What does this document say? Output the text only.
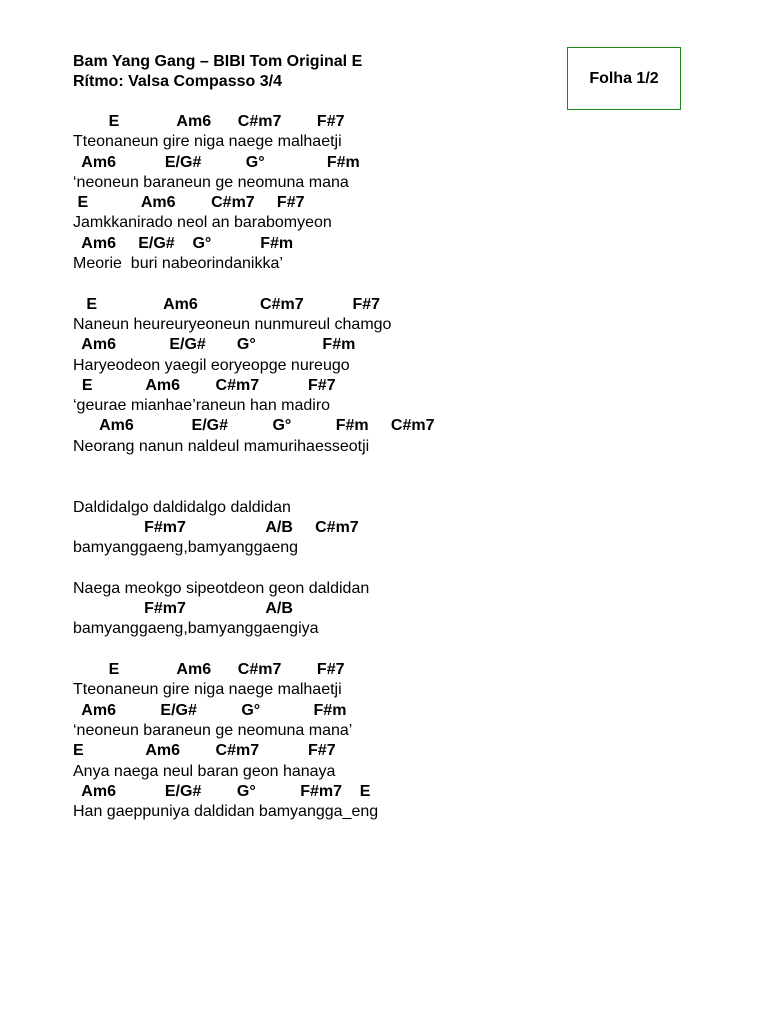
Bam Yang Gang – BIBI Tom Original E
Rítmo: Valsa Compasso 3/4	Folha 1/2
E             Am6      C#m7        F#7
Tteonaneun gire niga naege malhaetji
Am6           E/G#          G°              F#m
‘neoneun baraneun ge neomuna mana
E            Am6        C#m7     F#7
Jamkkanirado neol an barabomyeon
Am6     E/G#    G°           F#m
Meorie  buri nabeorindanikka’
E               Am6              C#m7           F#7
Naneun heureuryeoneun nunmureul chamgo
Am6            E/G#       G°               F#m
Haryeodeon yaegil eoryeopge nureugo
E            Am6        C#m7           F#7
‘geurae mianhae’raneun han madiro
Am6             E/G#          G°          F#m     C#m7
Neorang nanun naldeul mamurihaesseotji
Daldidalgo daldidalgo daldidan
F#m7                  A/B     C#m7
bamyanggaeng,bamyanggaeng
Naega meokgo sipeotdeon geon daldidan
F#m7                  A/B
bamyanggaeng,bamyanggaengiya
E             Am6      C#m7        F#7
Tteonaneun gire niga naege malhaetji
Am6          E/G#          G°            F#m
‘neoneun baraneun ge neomuna mana’
E              Am6        C#m7           F#7
Anya naega neul baran geon hanaya
Am6           E/G#        G°          F#m7    E
Han gaeppuniya daldidan bamyangga_eng
